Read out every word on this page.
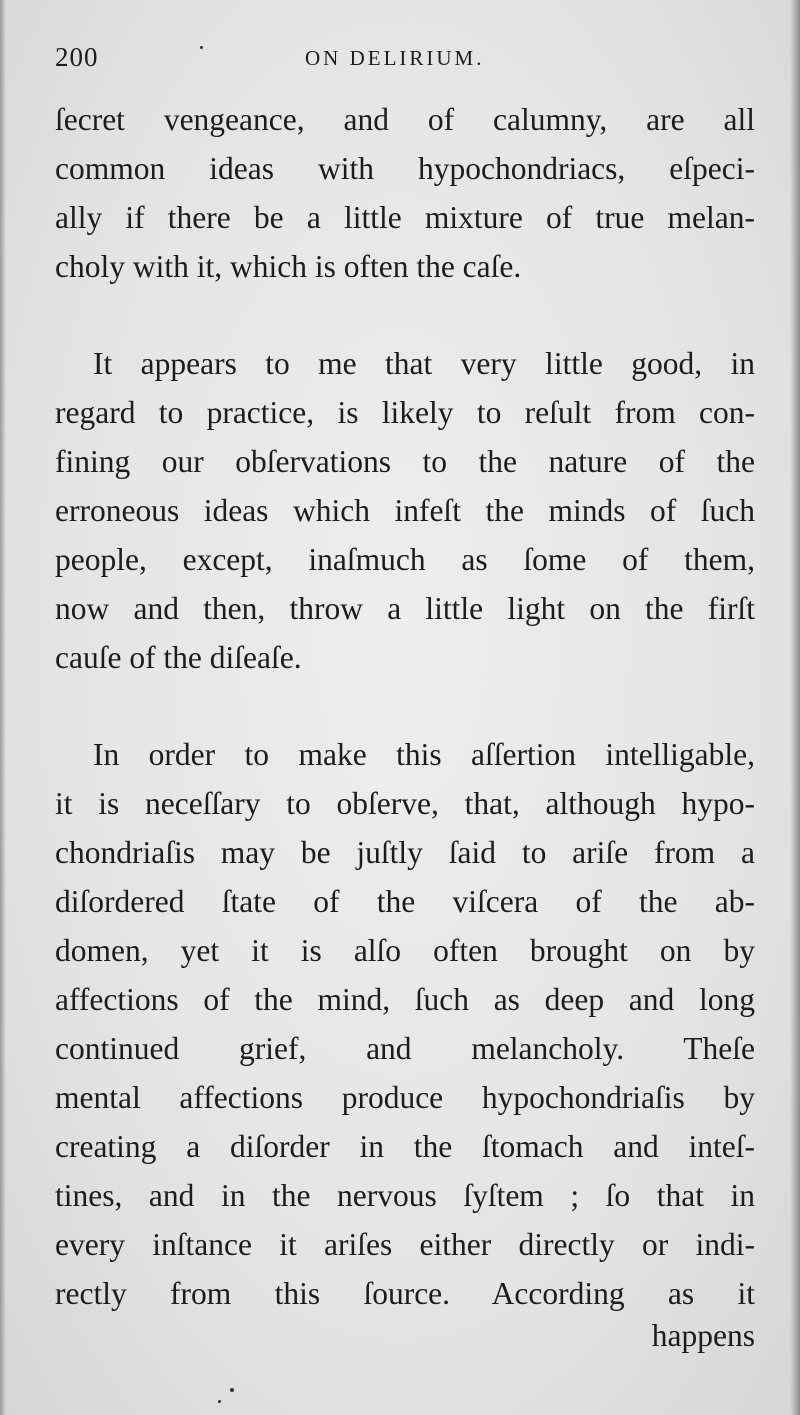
200	ON DELIRIUM.
ſecret vengeance, and of calumny, are all
common ideas with hypochondriacs, eſpeci-
ally if there be a little mixture of true melan-
choly with it, which is often the caſe.
It appears to me that very little good, in
regard to practice, is likely to reſult from con-
fining our obſervations to the nature of the
erroneous ideas which infeſt the minds of ſuch
people, except, inaſmuch as ſome of them,
now and then, throw a little light on the firſt
cauſe of the diſeaſe.
In order to make this aſſertion intelligable,
it is neceſſary to obſerve, that, although hypo-
chondriaſis may be juſtly ſaid to ariſe from a
diſordered ſtate of the viſcera of the ab-
domen, yet it is alſo often brought on by
affections of the mind, ſuch as deep and long
continued grief, and melancholy. Theſe
mental affections produce hypochondriaſis by
creating a diſorder in the ſtomach and inteſ-
tines, and in the nervous ſyſtem ; ſo that in
every inſtance it ariſes either directly or indi-
rectly from this ſource. According as it
happens
